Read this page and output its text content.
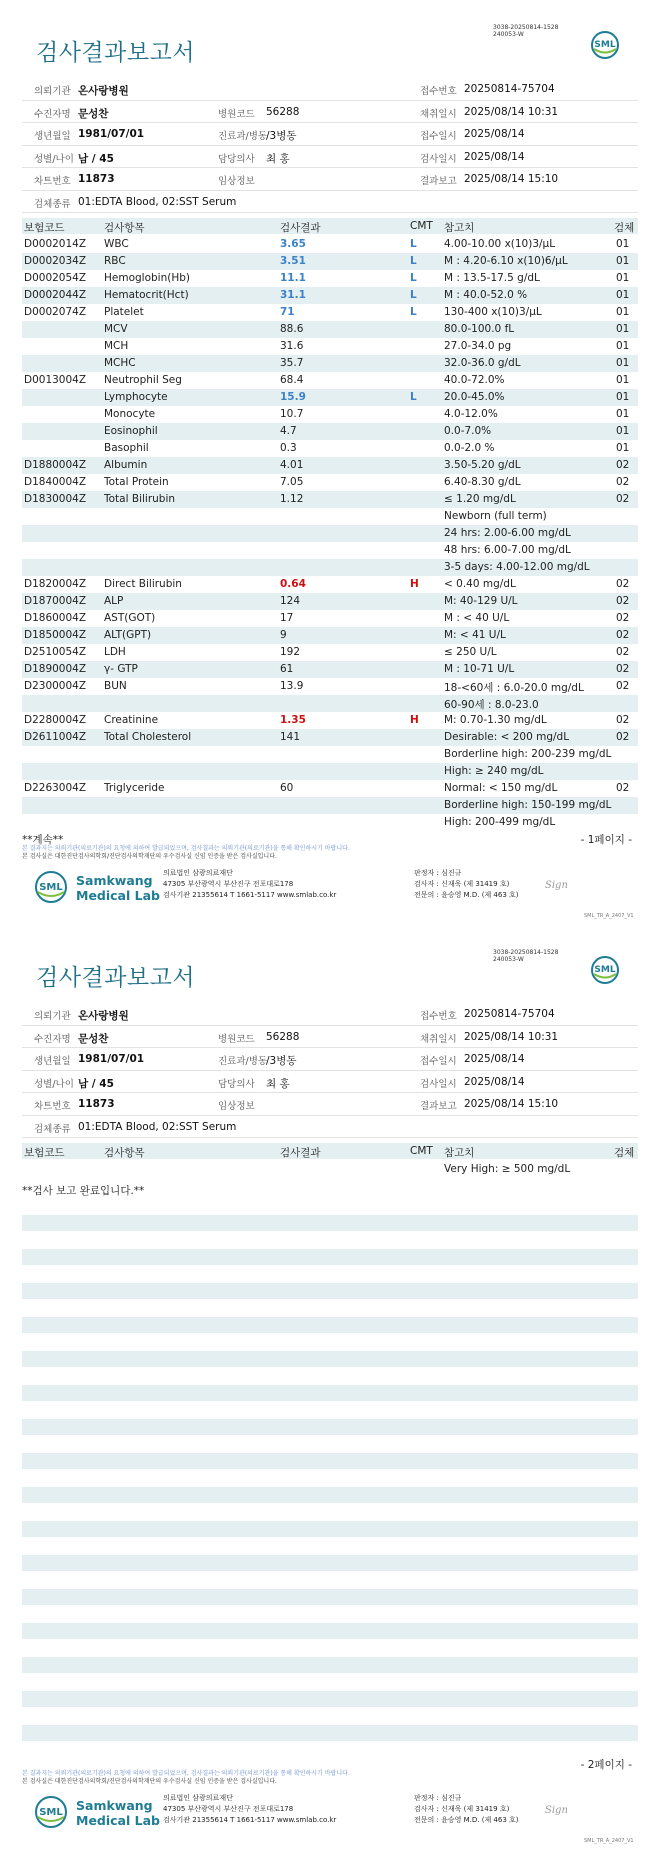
검사결과보고서
3038-20250814-1528
240053-W
SML
의뢰기관 온사랑병원	접수번호 20250814-75704
수진자명 문성찬	병원코드 56288	채취일시 2025/08/14 10:31
생년월일 1981/07/01	진료과/병동
/3병동	접수일시 2025/08/14
성별/나이 남 / 45	담당의사 최 홍	검사일시 2025/08/14
차트번호 11873	임상정보	결과보고 2025/08/14 15:10
검체종류 01:EDTA Blood, 02:SST Serum
보험코드	검사항목	검사결과	CMT 참고치	검체
D0002014Z WBC	3.65	L	4.00-10.00 x(10)3/μL	01
D0002034Z RBC	3.51	L	M : 4.20-6.10 x(10)6/μL	01
D0002054Z Hemoglobin(Hb)	11.1	L	M : 13.5-17.5 g/dL	01
D0002044Z Hematocrit(Hct)	31.1	L	M : 40.0-52.0 %	01
D0002074Z Platelet	71	L	130-400 x(10)3/μL	01
MCV	88.6	80.0-100.0 fL	01
MCH	31.6	27.0-34.0 pg	01
MCHC	35.7	32.0-36.0 g/dL	01
D0013004Z Neutrophil Seg	68.4	40.0-72.0%	01
Lymphocyte	15.9	L	20.0-45.0%	01
Monocyte	10.7	4.0-12.0%	01
Eosinophil	4.7	0.0-7.0%	01
Basophil	0.3	0.0-2.0 %	01
D1880004Z Albumin	4.01	3.50-5.20 g/dL	02
D1840004Z Total Protein	7.05	6.40-8.30 g/dL	02
D1830004Z Total Bilirubin	1.12	≤ 1.20 mg/dL	02
Newborn (full term)
24 hrs: 2.00-6.00 mg/dL
48 hrs: 6.00-7.00 mg/dL
3-5 days: 4.00-12.00 mg/dL
D1820004Z Direct Bilirubin	0.64	H < 0.40 mg/dL	02
D1870004Z ALP	124	M: 40-129 U/L	02
D1860004Z AST(GOT)	17	M : < 40 U/L	02
D1850004Z ALT(GPT)	9	M: < 41 U/L	02
D2510054Z LDH	192	≤ 250 U/L	02
D1890004Z γ- GTP	61	M : 10-71 U/L	02
D2300004Z BUN	13.9	18-<60세 : 6.0-20.0 mg/dL	02
60-90세 : 8.0-23.0
D2280004Z Creatinine	1.35	H M: 0.70-1.30 mg/dL	02
D2611004Z Total Cholesterol	141	Desirable: < 200 mg/dL	02
Borderline high: 200-239 mg/dL
High: ≥ 240 mg/dL
D2263004Z Triglyceride	60	Normal: < 150 mg/dL	02
Borderline high: 150-199 mg/dL
High: 200-499 mg/dL
**계속**	- 1페이지 -
본 결과지는 의뢰기관(의료기관)의 요청에 의하여 발급되었으며, 검사결과는 의뢰기관(의료기관)을 통해 확인하시기 바랍니다.
본 검사실은 대한진단검사의학회/진단검사의학재단의 우수검사실 신임 인증을 받은 검사실입니다.
SML Samkwang
Medical Lab
의료법인 삼광의료재단
47305 부산광역시 부산진구 전포대로178
검사기관 21355614 T 1661-5117 www.smlab.co.kr
판정자 : 심진규
검사자 : 신재욱 (제 31419 호)
전문의 : 윤승영 M.D. (제 463 호)
Sign
SML_TR_A_2407_V1
검사결과보고서
3038-20250814-1528
240053-W
SML
의뢰기관 온사랑병원	접수번호 20250814-75704
수진자명 문성찬	병원코드 56288	채취일시 2025/08/14 10:31
생년월일 1981/07/01	진료과/병동
/3병동	접수일시 2025/08/14
성별/나이 남 / 45	담당의사 최 홍	검사일시 2025/08/14
차트번호 11873	임상정보	결과보고 2025/08/14 15:10
검체종류 01:EDTA Blood, 02:SST Serum
보험코드	검사항목	검사결과	CMT 참고치	검체
Very High: ≥ 500 mg/dL
- 2페이지 -
본 결과지는 의뢰기관(의료기관)의 요청에 의하여 발급되었으며, 검사결과는 의뢰기관(의료기관)을 통해 확인하시기 바랍니다.
본 검사실은 대한진단검사의학회/진단검사의학재단의 우수검사실 신임 인증을 받은 검사실입니다.
SML Samkwang
Medical Lab
의료법인 삼광의료재단
47305 부산광역시 부산진구 전포대로178
검사기관 21355614 T 1661-5117 www.smlab.co.kr
판정자 : 심진규
검사자 : 신재욱 (제 31419 호)
전문의 : 윤승영 M.D. (제 463 호)
Sign
SML_TR_A_2407_V1
**검사 보고 완료입니다.**
